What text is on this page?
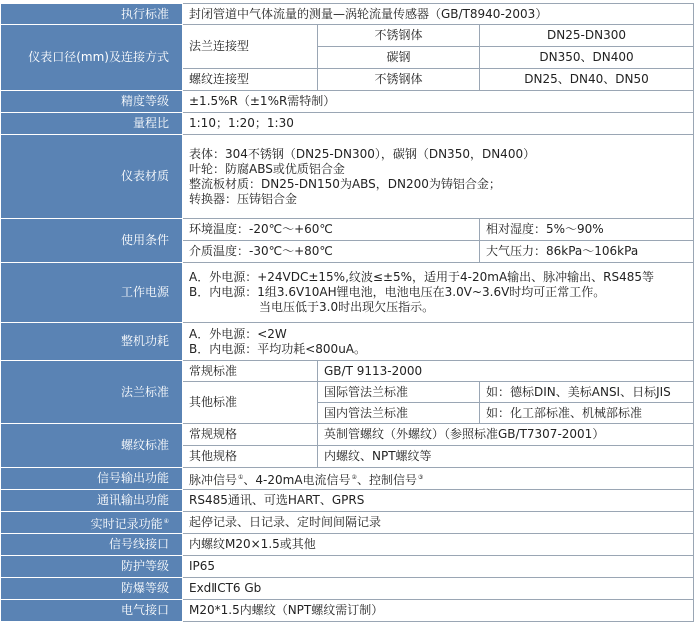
执行标准	封闭管道中气体流量的测量—涡轮流量传感器（GB/T8940-2003）		
仪表口径(mm)及连接方式	法兰连接型	不锈钢体	DN25-DN300
		碳钢	DN350、DN400
	螺纹连接型	不锈钢体	DN25、DN40、DN50
精度等级	±1.5%R（±1%R需特制）		
量程比	1:10；1:20；1:30		
仪表材质	表体：304不锈钢（DN25-DN300），碳钢（DN350，DN400）
叶轮：防腐ABS或优质铝合金
整流板材质：DN25-DN150为ABS，DN200为铸铝合金；
转换器：压铸铝合金		

使用条件	环境温度：-20℃～+60℃		相对湿度：5%～90%
	介质温度：-30℃～+80℃		大气压力：86kPa～106kPa
工作电源	A．外电源：+24VDC±15%,纹波≤±5%，适用于4-20mA输出、脉冲输出、RS485等
B．内电源：1组3.6V10AH锂电池，电池电压在3.0V~3.6V时均可正常工作。
当电压低于3.0时出现欠压指示。		

整机功耗	A．外电源：<2W
B．内电源：平均功耗<800uA。		

法兰标准	常规标准	GB/T 9113-2000	
	其他标准	国际管法兰标准	如：德标DIN、美标ANSI、日标JIS
		国内管法兰标准	如：化工部标准、机械部标准
螺纹标准	常规规格	英制管螺纹（外螺纹）（参照标准GB/T7307-2001）	
	其他规格	内螺纹、NPT螺纹等	
信号输出功能	脉冲信号①、4-20mA电流信号②、控制信号③
通讯输出功能	RS485通讯、可选HART、GPRS		
实时记录功能④	起停记录、日记录、定时间间隔记录		
信号线接口	内螺纹M20×1.5或其他		
防护等级	IP65		
防爆等级	ExdⅡCT6 Gb		
电气接口	M20*1.5内螺纹（NPT螺纹需订制）		
